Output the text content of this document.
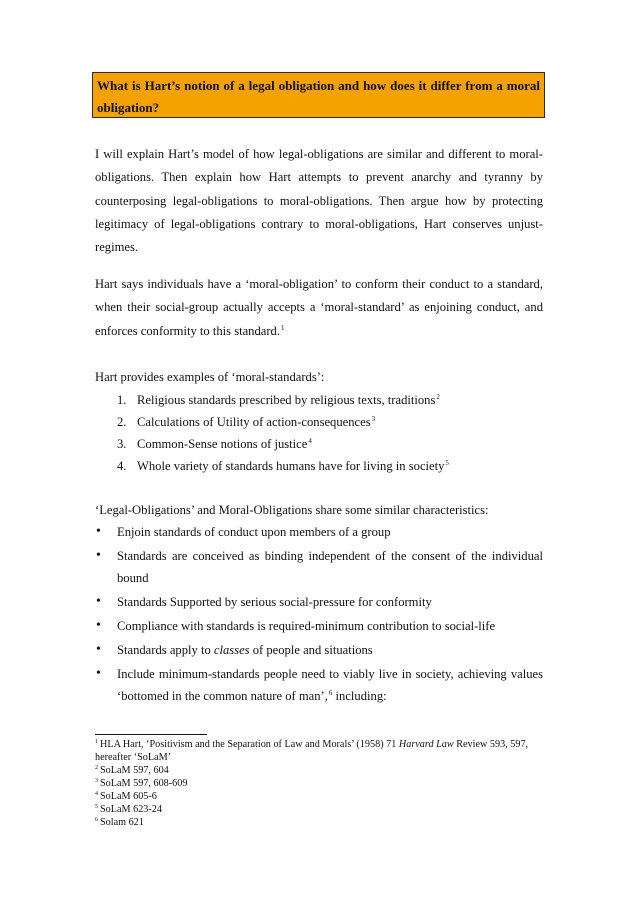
What is Hart’s notion of a legal obligation and how does it differ from a moral obligation?
I will explain Hart’s model of how legal-obligations are similar and different to moral-obligations. Then explain how Hart attempts to prevent anarchy and tyranny by counterposing legal-obligations to moral-obligations. Then argue how by protecting legitimacy of legal-obligations contrary to moral-obligations, Hart conserves unjust-regimes.
Hart says individuals have a ‘moral-obligation’ to conform their conduct to a standard, when their social-group actually accepts a ‘moral-standard’ as enjoining conduct, and enforces conformity to this standard.$^1$
Hart provides examples of ‘moral-standards’:
1. Religious standards prescribed by religious texts, traditions$^2$
2. Calculations of Utility of action-consequences$^3$
3. Common-Sense notions of justice$^4$
4. Whole variety of standards humans have for living in society$^5$
‘Legal-Obligations’ and Moral-Obligations share some similar characteristics:
• Enjoin standards of conduct upon members of a group
• Standards are conceived as binding independent of the consent of the individual bound
• Standards Supported by serious social-pressure for conformity
• Compliance with standards is required-minimum contribution to social-life
• Standards apply to classes of people and situations
• Include minimum-standards people need to viably live in society, achieving values ‘bottomed in the common nature of man’,$^6$ including:
$^1$ HLA Hart, ‘Positivism and the Separation of Law and Morals’ (1958) 71 Harvard Law Review 593, 597, hereafter ‘SoLaM’
$^2$ SoLaM 597, 604
$^3$ SoLaM 597, 608-609
$^4$ SoLaM 605-6
$^5$ SoLaM 623-24
$^6$ Solam 621
